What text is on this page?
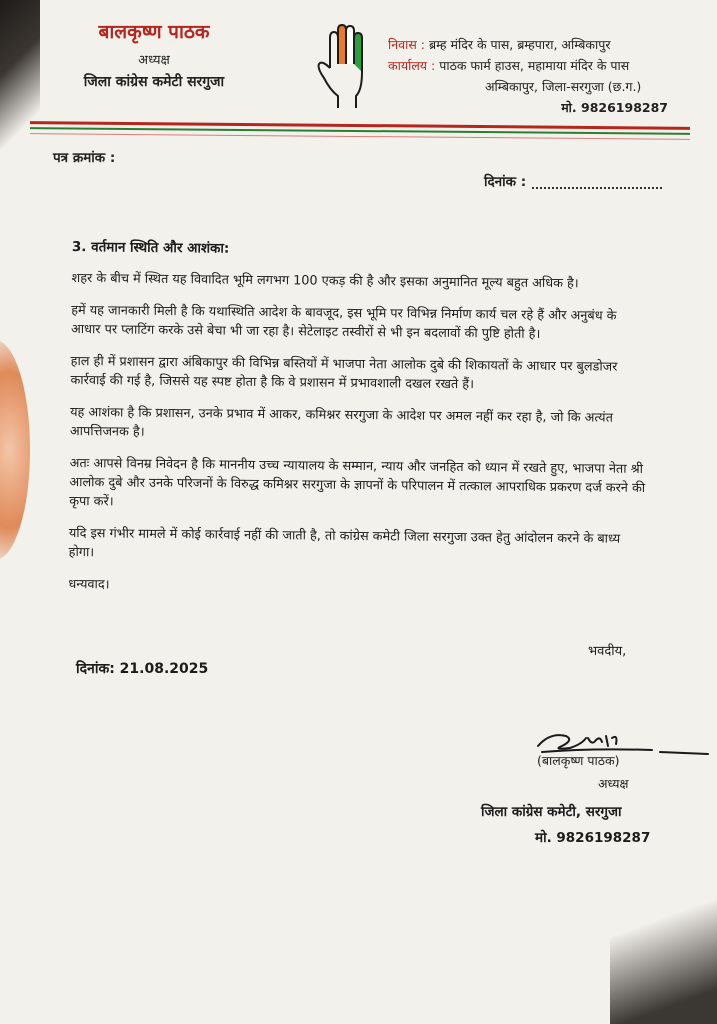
बालकृष्ण पाठक
अध्यक्ष
जिला कांग्रेस कमेटी सरगुजा
निवास : ब्रम्ह मंदिर के पास, ब्रम्हपारा, अम्बिकापुर
कार्यालय : पाठक फार्म हाउस, महामाया मंदिर के पास
अम्बिकापुर, जिला-सरगुजा (छ.ग.)
मो. 9826198287
पत्र क्रमांक :
दिनांक :
3. वर्तमान स्थिति और आशंका:

शहर के बीच में स्थित यह विवादित भूमि लगभग 100 एकड़ की है और इसका अनुमानित मूल्य बहुत अधिक है।

हमें यह जानकारी मिली है कि यथास्थिति आदेश के बावजूद, इस भूमि पर विभिन्न निर्माण कार्य चल रहे हैं और अनुबंध के आधार पर प्लाटिंग करके उसे बेचा भी जा रहा है। सेटेलाइट तस्वीरों से भी इन बदलावों की पुष्टि होती है।

हाल ही में प्रशासन द्वारा अंबिकापुर की विभिन्न बस्तियों में भाजपा नेता आलोक दुबे की शिकायतों के आधार पर बुलडोजर कार्रवाई की गई है, जिससे यह स्पष्ट होता है कि वे प्रशासन में प्रभावशाली दखल रखते हैं।

यह आशंका है कि प्रशासन, उनके प्रभाव में आकर, कमिश्नर सरगुजा के आदेश पर अमल नहीं कर रहा है, जो कि अत्यंत आपत्तिजनक है।

अतः आपसे विनम्र निवेदन है कि माननीय उच्च न्यायालय के सम्मान, न्याय और जनहित को ध्यान में रखते हुए, भाजपा नेता श्री आलोक दुबे और उनके परिजनों के विरुद्ध कमिश्नर सरगुजा के ज्ञापनों के परिपालन में तत्काल आपराधिक प्रकरण दर्ज करने की कृपा करें।

यदि इस गंभीर मामले में कोई कार्रवाई नहीं की जाती है, तो कांग्रेस कमेटी जिला सरगुजा उक्त हेतु आंदोलन करने के बाध्य होगा।

धन्यवाद।

भवदीय,
दिनांक: 21.08.2025
(बालकृष्ण पाठक)
अध्यक्ष
जिला कांग्रेस कमेटी, सरगुजा
मो. 9826198287
